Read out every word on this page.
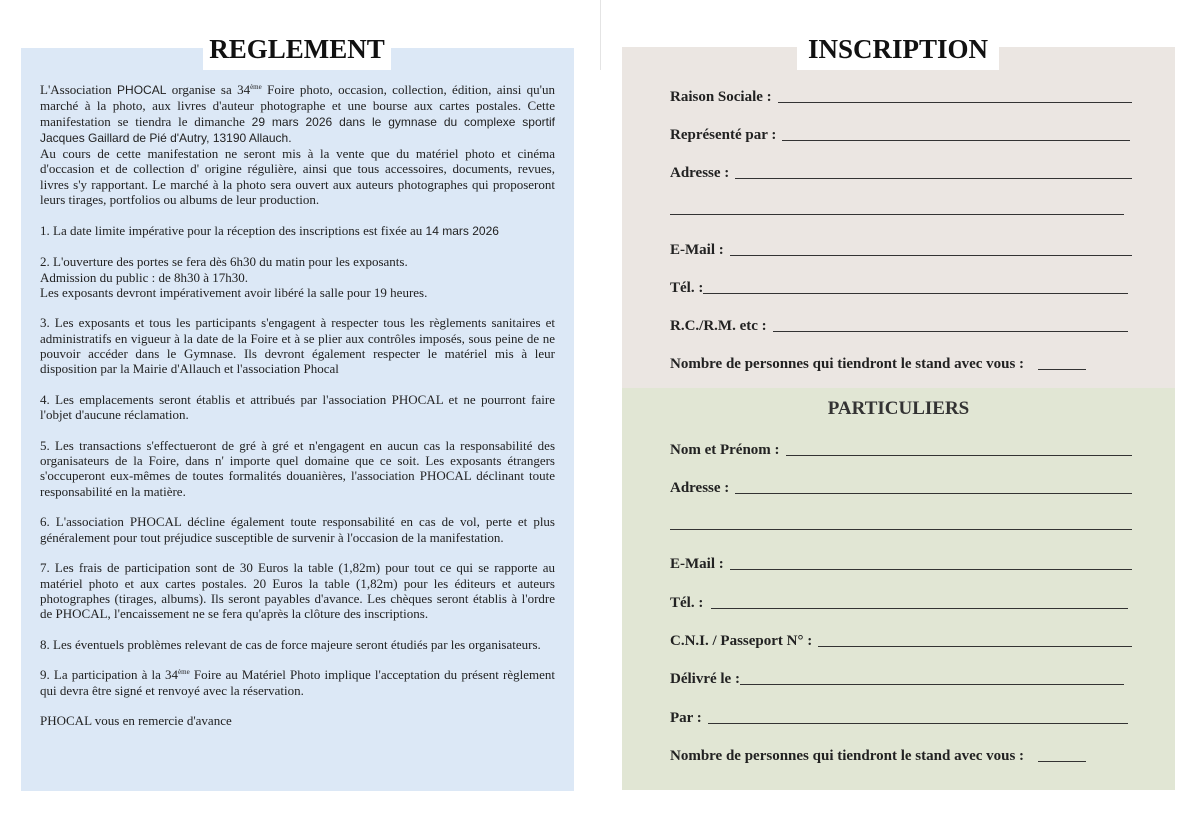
REGLEMENT

L'Association PHOCAL organise sa 34ème Foire photo, occasion, collection, édition, ainsi qu'un marché à la photo, aux livres d'auteur photographe et une bourse aux cartes postales. Cette manifestation se tiendra le dimanche 29 mars 2026 dans le gymnase du complexe sportif Jacques Gaillard de Pié d'Autry, 13190 Allauch.

Au cours de cette manifestation ne seront mis à la vente que du matériel photo et cinéma d'occasion et de collection d' origine régulière, ainsi que tous accessoires, documents, revues, livres s'y rapportant. Le marché à la photo sera ouvert aux auteurs photographes qui proposeront leurs tirages, portfolios ou albums de leur production.

1. La date limite impérative pour la réception des inscriptions est fixée au 14 mars 2026

2. L'ouverture des portes se fera dès 6h30 du matin pour les exposants.
Admission du public : de 8h30 à 17h30.
Les exposants devront impérativement avoir libéré la salle pour 19 heures.

3. Les exposants et tous les participants s'engagent à respecter tous les règlements sanitaires et administratifs en vigueur à la date de la Foire et à se plier aux contrôles imposés, sous peine de ne pouvoir accéder dans le Gymnase. Ils devront également respecter le matériel mis à leur disposition par la Mairie d'Allauch et l'association Phocal

4. Les emplacements seront établis et attribués par l'association PHOCAL et ne pourront faire l'objet d'aucune réclamation.

5. Les transactions s'effectueront de gré à gré et n'engagent en aucun cas la responsabilité des organisateurs de la Foire, dans n' importe quel domaine que ce soit. Les exposants étrangers s'occuperont eux-mêmes de toutes formalités douanières, l'association PHOCAL déclinant toute responsabilité en la matière.

6. L'association PHOCAL décline également toute responsabilité en cas de vol, perte et plus généralement pour tout préjudice susceptible de survenir à l'occasion de la manifestation.

7. Les frais de participation sont de 30 Euros la table (1,82m) pour tout ce qui se rapporte au matériel photo et aux cartes postales. 20 Euros la table (1,82m) pour les éditeurs et auteurs photographes (tirages, albums). Ils seront payables d'avance. Les chèques seront établis à l'ordre de PHOCAL, l'encaissement ne se fera qu'après la clôture des inscriptions.

8. Les éventuels problèmes relevant de cas de force majeure seront étudiés par les organisateurs.

9. La participation à la 34ème Foire au Matériel Photo implique l'acceptation du présent règlement qui devra être signé et renvoyé avec la réservation.

PHOCAL vous en remercie d'avance

INSCRIPTION
Raison Sociale :
Représenté par :
Adresse :
E-Mail :
Tél. :
R.C./R.M. etc :
Nombre de personnes qui tiendront le stand avec vous :
PARTICULIERS
Nom et Prénom :
Adresse :
E-Mail :
Tél. :
C.N.I. / Passeport N° :
Délivré le :
Par :
Nombre de personnes qui tiendront le stand avec vous :
